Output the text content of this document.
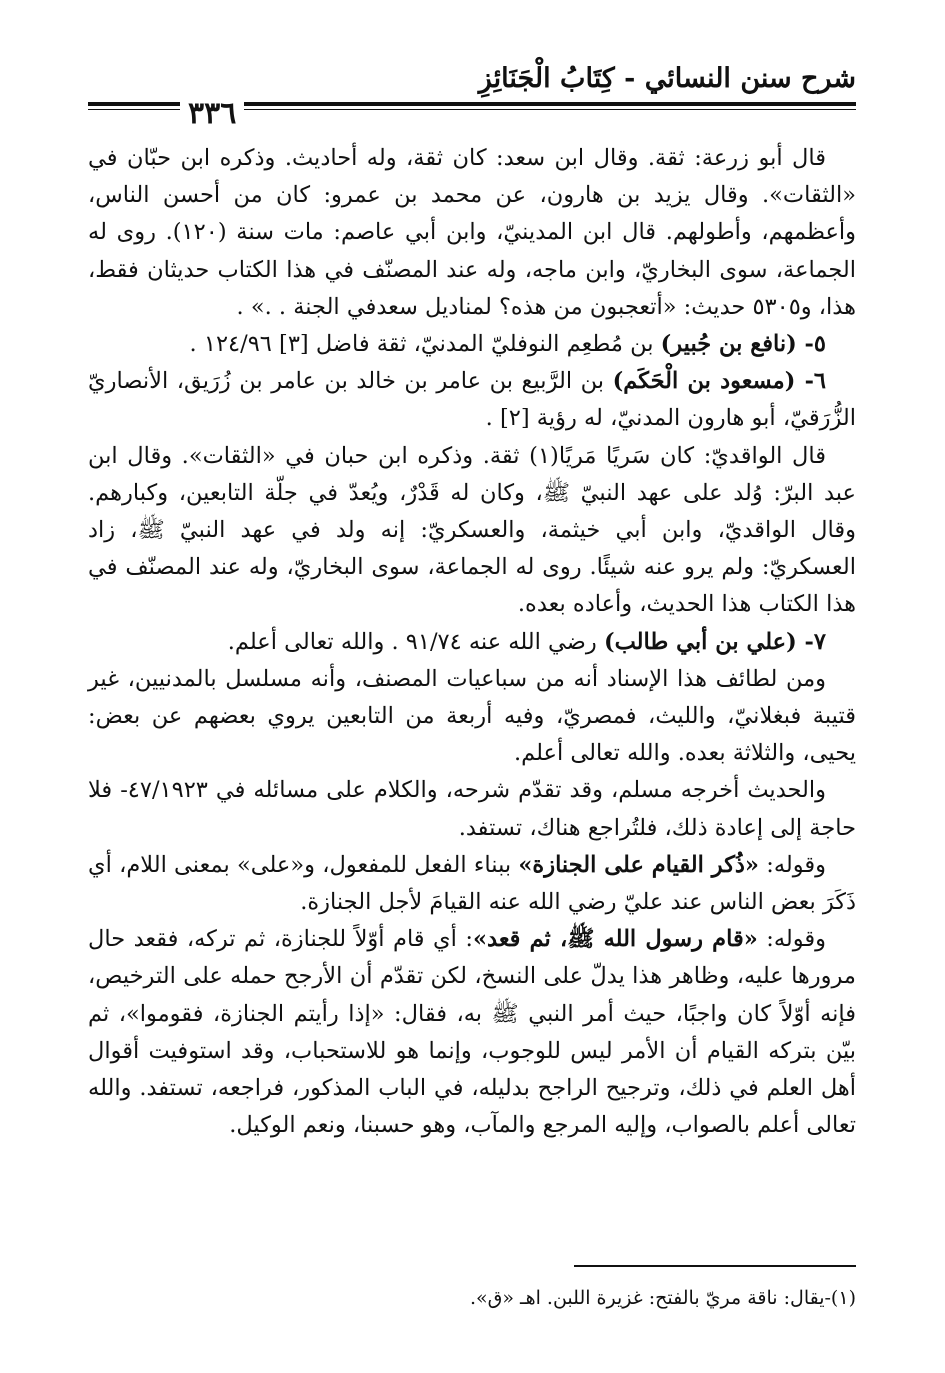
شرح سنن النسائي - كِتَابُ الْجَنَائِزِ
٣٣٦

قال أبو زرعة: ثقة. وقال ابن سعد: كان ثقة، وله أحاديث. وذكره ابن حبّان في «الثقات». وقال يزيد بن هارون، عن محمد بن عمرو: كان من أحسن الناس، وأعظمهم، وأطولهم. قال ابن المدينيّ، وابن أبي عاصم: مات سنة (١٢٠). روى له الجماعة، سوى البخاريّ، وابن ماجه، وله عند المصنّف في هذا الكتاب حديثان فقط، هذا، و٥٣٠٥ حديث: «أتعجبون من هذه؟ لمناديل سعدفي الجنة . .» .

٥- (نافع بن جُبير) بن مُطعِم النوفليّ المدنيّ، ثقة فاضل [٣] ١٢٤/٩٦ .

٦- (مسعود بن الْحَكَم) بن الرَّبيع بن عامر بن خالد بن عامر بن زُرَيق، الأنصاريّ الزُّرَقيّ، أبو هارون المدنيّ، له رؤية [٢] .

قال الواقديّ: كان سَريًا مَريًا(١) ثقة. وذكره ابن حبان في «الثقات». وقال ابن عبد البرّ: وُلد على عهد النبيّ ﷺ، وكان له قَدْرٌ، ويُعدّ في جلّة التابعين، وكبارهم. وقال الواقديّ، وابن أبي خيثمة، والعسكريّ: إنه ولد في عهد النبيّ ﷺ، زاد العسكريّ: ولم يرو عنه شيئًا. روى له الجماعة، سوى البخاريّ، وله عند المصنّف في هذا الكتاب هذا الحديث، وأعاده بعده.

٧- (علي بن أبي طالب) رضي الله عنه ٩١/٧٤ . والله تعالى أعلم.

ومن لطائف هذا الإسناد أنه من سباعيات المصنف، وأنه مسلسل بالمدنيين، غير قتيبة فبغلانيّ، والليث، فمصريّ، وفيه أربعة من التابعين يروي بعضهم عن بعض: يحيى، والثلاثة بعده. والله تعالى أعلم.

والحديث أخرجه مسلم، وقد تقدّم شرحه، والكلام على مسائله في ٤٧/١٩٢٣- فلا حاجة إلى إعادة ذلك، فلتُراجع هناك، تستفد.

وقوله: «ذُكر القيام على الجنازة» ببناء الفعل للمفعول، و«على» بمعنى اللام، أي ذَكَرَ بعض الناس عند عليّ رضي الله عنه القيامَ لأجل الجنازة.

وقوله: «قام رسول الله ﷺ، ثم قعد»: أي قام أوّلاً للجنازة، ثم تركه، فقعد حال مرورها عليه، وظاهر هذا يدلّ على النسخ، لكن تقدّم أن الأرجح حمله على الترخيص، فإنه أوّلاً كان واجبًا، حيث أمر النبي ﷺ به، فقال: «إذا رأيتم الجنازة، فقوموا»، ثم بيّن بتركه القيام أن الأمر ليس للوجوب، وإنما هو للاستحباب، وقد استوفيت أقوال أهل العلم في ذلك، وترجيح الراجح بدليله، في الباب المذكور، فراجعه، تستفد. والله تعالى أعلم بالصواب، وإليه المرجع والمآب، وهو حسبنا، ونعم الوكيل.

(١)-يقال: ناقة مريّ بالفتح: غزيرة اللبن. اهـ «ق».
